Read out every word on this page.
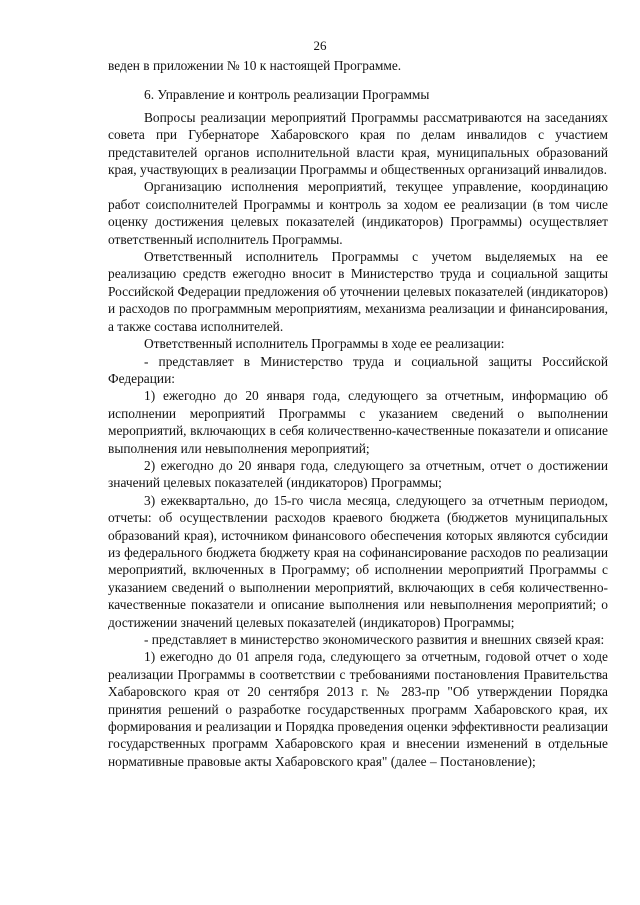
26

веден в приложении № 10 к настоящей Программе.

6. Управление и контроль реализации Программы

Вопросы реализации мероприятий Программы рассматриваются на заседаниях совета при Губернаторе Хабаровского края по делам инвалидов с участием представителей органов исполнительной власти края, муниципальных образований края, участвующих в реализации Программы и общественных организаций инвалидов.

Организацию исполнения мероприятий, текущее управление, координацию работ соисполнителей Программы и контроль за ходом ее реализации (в том числе оценку достижения целевых показателей (индикаторов) Программы) осуществляет ответственный исполнитель Программы.

Ответственный исполнитель Программы с учетом выделяемых на ее реализацию средств ежегодно вносит в Министерство труда и социальной защиты Российской Федерации предложения об уточнении целевых показателей (индикаторов) и расходов по программным мероприятиям, механизма реализации и финансирования, а также состава исполнителей.

Ответственный исполнитель Программы в ходе ее реализации:

- представляет в Министерство труда и социальной защиты Российской Федерации:

1) ежегодно до 20 января года, следующего за отчетным, информацию об исполнении мероприятий Программы с указанием сведений о выполнении мероприятий, включающих в себя количественно-качественные показатели и описание выполнения или невыполнения мероприятий;

2) ежегодно до 20 января года, следующего за отчетным, отчет о достижении значений целевых показателей (индикаторов) Программы;

3) ежеквартально, до 15-го числа месяца, следующего за отчетным периодом, отчеты: об осуществлении расходов краевого бюджета (бюджетов муниципальных образований края), источником финансового обеспечения которых являются субсидии из федерального бюджета бюджету края на софинансирование расходов по реализации мероприятий, включенных в Программу; об исполнении мероприятий Программы с указанием сведений о выполнении мероприятий, включающих в себя количественно-качественные показатели и описание выполнения или невыполнения мероприятий; о достижении значений целевых показателей (индикаторов) Программы;

- представляет в министерство экономического развития и внешних связей края:

1) ежегодно до 01 апреля года, следующего за отчетным, годовой отчет о ходе реализации Программы в соответствии с требованиями постановления Правительства Хабаровского края от 20 сентября 2013 г. № 283-пр "Об утверждении Порядка принятия решений о разработке государственных программ Хабаровского края, их формирования и реализации и Порядка проведения оценки эффективности реализации государственных программ Хабаровского края и внесении изменений в отдельные нормативные правовые акты Хабаровского края" (далее – Постановление);
